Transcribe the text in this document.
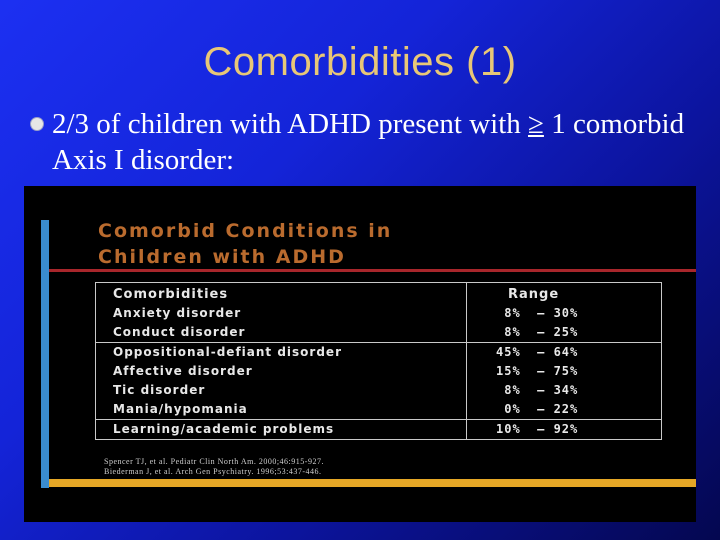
Comorbidities (1)
2/3 of children with ADHD present with ≥ 1 comorbid Axis I disorder:
Comorbid Conditions in
Children with ADHD
Comorbidities	Range
Anxiety disorder	8%  — 30%
Conduct disorder	8%  — 25%
Oppositional-defiant disorder	45%  — 64%
Affective disorder	15%  — 75%
Tic disorder	8%  — 34%
Mania/hypomania	0%  — 22%
Learning/academic problems	10%  — 92%
Spencer TJ, et al. Pediatr Clin North Am. 2000;46:915-927.
Biederman J, et al. Arch Gen Psychiatry. 1996;53:437-446.
